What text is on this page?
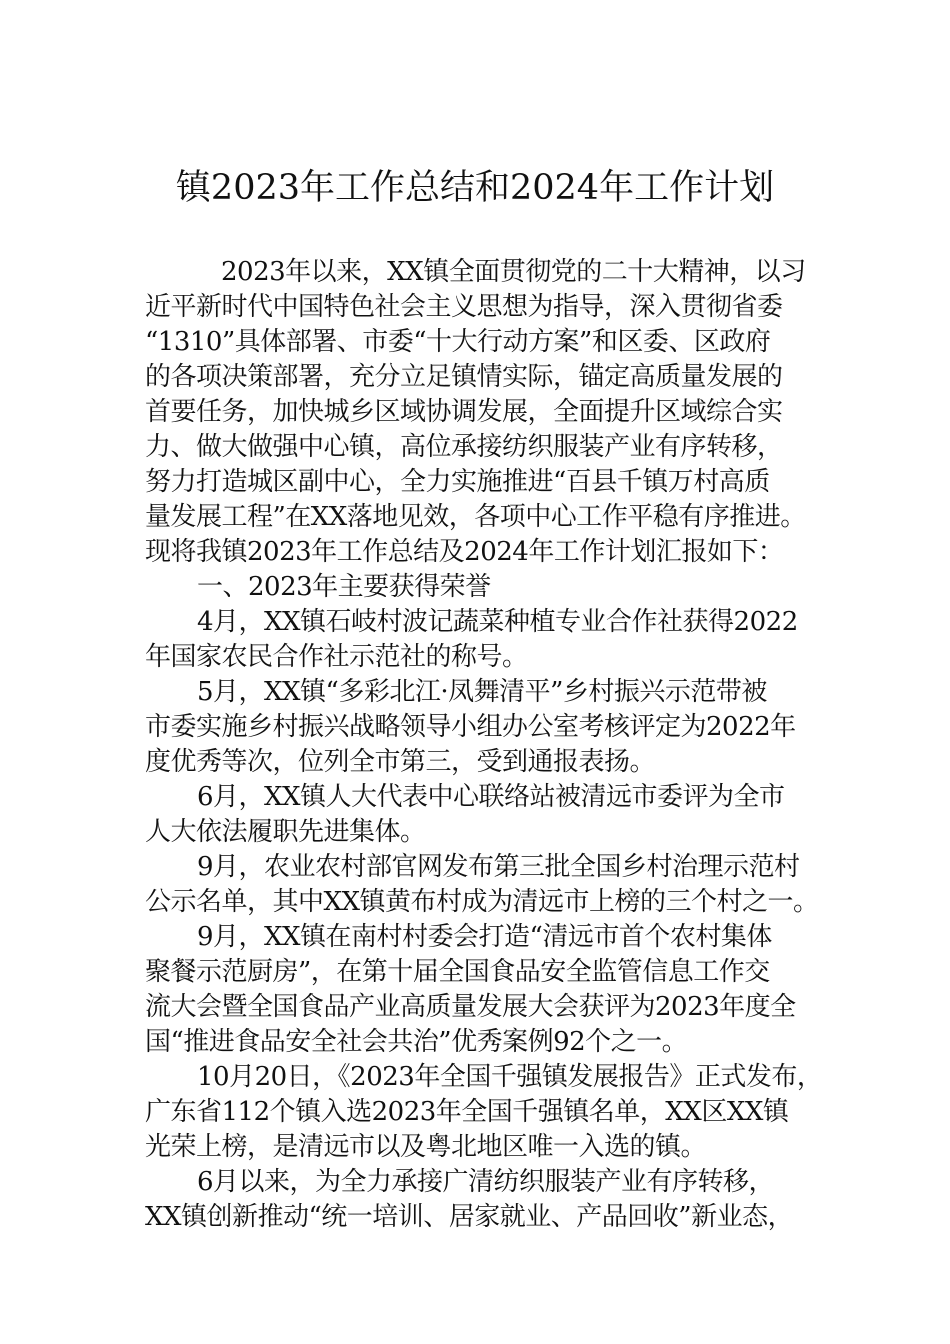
镇2023年工作总结和2024年工作计划
2023年以来，XX镇全面贯彻党的二十大精神，以习
近平新时代中国特色社会主义思想为指导，深入贯彻省委
“1310”具体部署、市委“十大行动方案”和区委、区政府
的各项决策部署，充分立足镇情实际，锚定高质量发展的
首要任务，加快城乡区域协调发展，全面提升区域综合实
力、做大做强中心镇，高位承接纺织服装产业有序转移，
努力打造城区副中心，全力实施推进“百县千镇万村高质
量发展工程”在XX落地见效，各项中心工作平稳有序推进。
现将我镇2023年工作总结及2024年工作计划汇报如下：
一、2023年主要获得荣誉
4月，XX镇石岐村波记蔬菜种植专业合作社获得2022
年国家农民合作社示范社的称号。
5月，XX镇“多彩北江·凤舞清平”乡村振兴示范带被
市委实施乡村振兴战略领导小组办公室考核评定为2022年
度优秀等次，位列全市第三，受到通报表扬。
6月，XX镇人大代表中心联络站被清远市委评为全市
人大依法履职先进集体。
9月，农业农村部官网发布第三批全国乡村治理示范村
公示名单，其中XX镇黄布村成为清远市上榜的三个村之一。
9月，XX镇在南村村委会打造“清远市首个农村集体
聚餐示范厨房”，在第十届全国食品安全监管信息工作交
流大会暨全国食品产业高质量发展大会获评为2023年度全
国“推进食品安全社会共治”优秀案例92个之一。
10月20日，《2023年全国千强镇发展报告》正式发布，
广东省112个镇入选2023年全国千强镇名单，XX区XX镇
光荣上榜，是清远市以及粤北地区唯一入选的镇。
6月以来，为全力承接广清纺织服装产业有序转移，
XX镇创新推动“统一培训、居家就业、产品回收”新业态，
